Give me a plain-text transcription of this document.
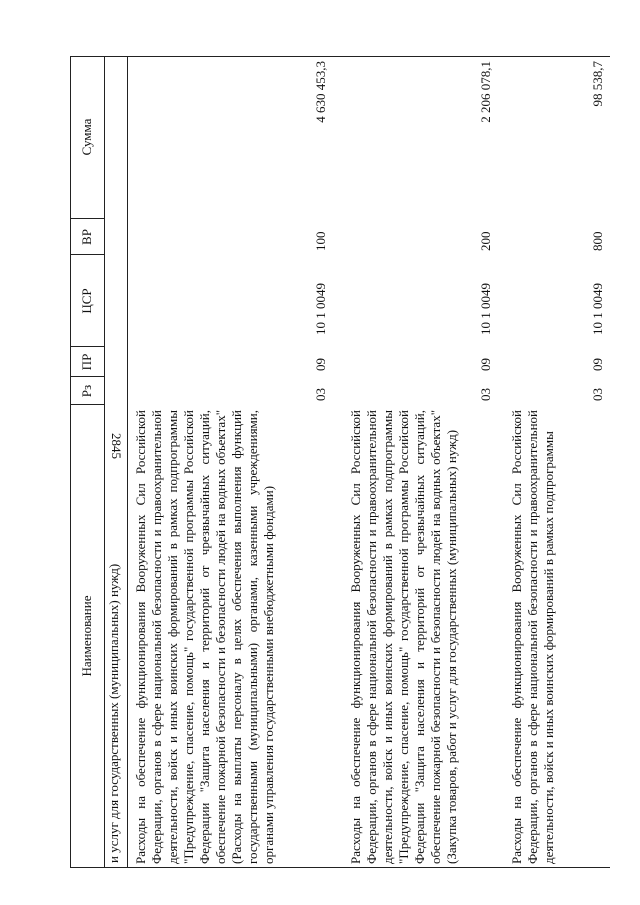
2845
Наименование
Рз
ПР
ЦСР
ВР
Сумма
и услуг для государственных (муниципальных) нужд) Расходы на обеспечение функционирования Вооруженных Сил Российской Федерации, органов в сфере национальной безопасности и правоохранительной деятельности, войск и иных воинских формирований в рамках подпрограммы "Предупреждение, спасение, помощь" государственной программы Российской Федерации "Защита населения и территорий от чрезвычайных ситуаций, обеспечение пожарной безопасности и безопасности людей на водных объектах" (Расходы на выплаты персоналу в целях обеспечения выполнения функций государственными (муниципальными) органами, казенными учреждениями, органами управления государственными внебюджетными фондами)
03
09
10 1 0049
100
4 630 453,3
Расходы на обеспечение функционирования Вооруженных Сил Российской Федерации, органов в сфере национальной безопасности и правоохранительной деятельности, войск и иных воинских формирований в рамках подпрограммы "Предупреждение, спасение, помощь" государственной программы Российской Федерации "Защита населения и территорий от чрезвычайных ситуаций, обеспечение пожарной безопасности и безопасности людей на водных объектах" (Закупка товаров, работ и услуг для государственных (муниципальных) нужд)
03
09
10 1 0049
200
2 206 078,1
Расходы на обеспечение функционирования Вооруженных Сил Российской Федерации, органов в сфере национальной безопасности и правоохранительной деятельности, войск и иных воинских формирований в рамках подпрограммы
03
09
10 1 0049
800
98 538,7
